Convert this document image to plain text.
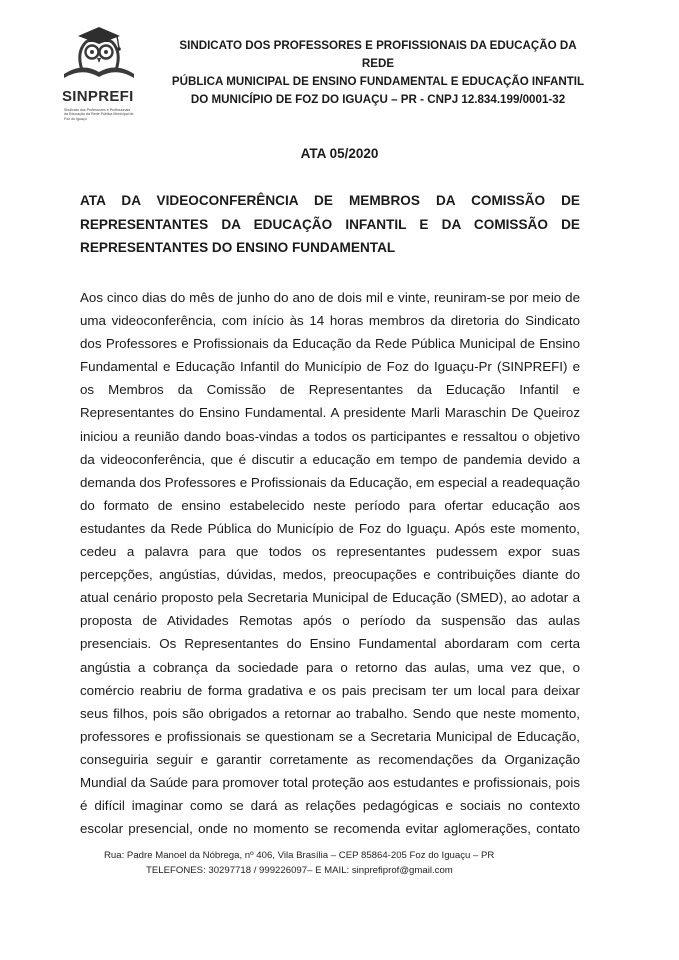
SINPREFI
Sindicato dos Professores e Profissionais da Educação da Rede Pública Municipal de Foz do Iguaçu
SINDICATO DOS PROFESSORES E PROFISSIONAIS DA EDUCAÇÃO DA REDE
PÚBLICA MUNICIPAL DE ENSINO FUNDAMENTAL E EDUCAÇÃO INFANTIL
DO MUNICÍPIO DE FOZ DO IGUAÇU – PR - CNPJ 12.834.199/0001-32
ATA 05/2020
ATA DA VIDEOCONFERÊNCIA DE MEMBROS DA COMISSÃO DE REPRESENTANTES DA EDUCAÇÃO INFANTIL E DA COMISSÃO DE REPRESENTANTES DO ENSINO FUNDAMENTAL

Aos cinco dias do mês de junho do ano de dois mil e vinte, reuniram-se por meio de uma videoconferência, com início às 14 horas membros da diretoria do Sindicato dos Professores e Profissionais da Educação da Rede Pública Municipal de Ensino Fundamental e Educação Infantil do Município de Foz do Iguaçu-Pr (SINPREFI) e os Membros da Comissão de Representantes da Educação Infantil e Representantes do Ensino Fundamental. A presidente Marli Maraschin De Queiroz iniciou a reunião dando boas-vindas a todos os participantes e ressaltou o objetivo da videoconferência, que é discutir a educação em tempo de pandemia devido a demanda dos Professores e Profissionais da Educação, em especial a readequação do formato de ensino estabelecido neste período para ofertar educação aos estudantes da Rede Pública do Município de Foz do Iguaçu. Após este momento, cedeu a palavra para que todos os representantes pudessem expor suas percepções, angústias, dúvidas, medos, preocupações e contribuições diante do atual cenário proposto pela Secretaria Municipal de Educação (SMED), ao adotar a proposta de Atividades Remotas após o período da suspensão das aulas presenciais. Os Representantes do Ensino Fundamental abordaram com certa angústia a cobrança da sociedade para o retorno das aulas, uma vez que, o comércio reabriu de forma gradativa e os pais precisam ter um local para deixar seus filhos, pois são obrigados a retornar ao trabalho. Sendo que neste momento, professores e profissionais se questionam se a Secretaria Municipal de Educação, conseguiria seguir e garantir corretamente as recomendações da Organização Mundial da Saúde para promover total proteção aos estudantes e profissionais, pois é difícil imaginar como se dará as relações pedagógicas e sociais no contexto escolar presencial, onde no momento se recomenda evitar aglomerações, contato

Rua: Padre Manoel da Nóbrega, nº 406, Vila Brasília – CEP 85864-205 Foz do Iguaçu – PR
TELEFONES: 30297718 / 999226097– E MAIL: sinprefiprof@gmail.com
